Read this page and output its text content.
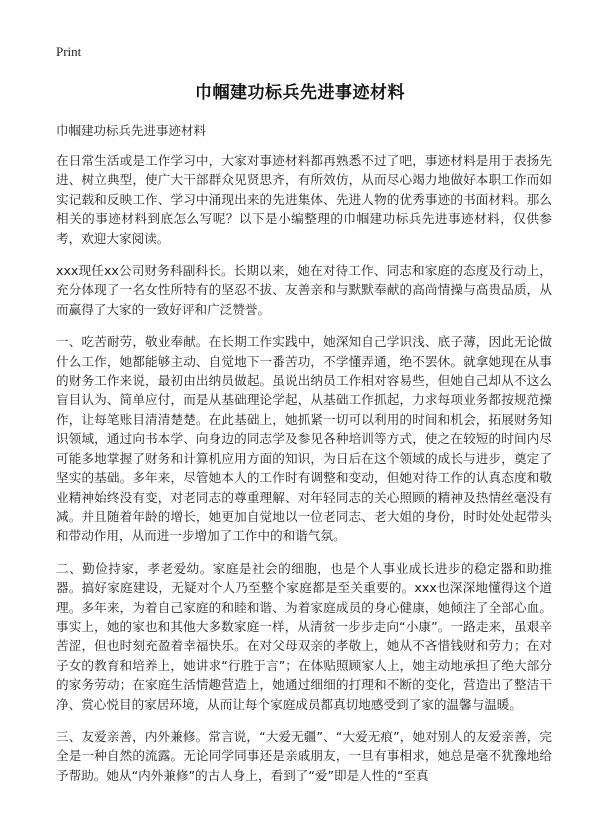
Print
巾帼建功标兵先进事迹材料

巾帼建功标兵先进事迹材料

在日常生活或是工作学习中，大家对事迹材料都再熟悉不过了吧，事迹材料是用于表扬先进、树立典型，使广大干部群众见贤思齐，有所效仿，从而尽心竭力地做好本职工作而如实记载和反映工作、学习中涌现出来的先进集体、先进人物的优秀事迹的书面材料。那么相关的事迹材料到底怎么写呢？以下是小编整理的巾帼建功标兵先进事迹材料，仅供参考，欢迎大家阅读。

xxx现任xx公司财务科副科长。长期以来，她在对待工作、同志和家庭的态度及行动上，充分体现了一名女性所特有的坚忍不拔、友善亲和与默默奉献的高尚情操与高贵品质，从而赢得了大家的一致好评和广泛赞誉。

一、吃苦耐劳，敬业奉献。在长期工作实践中，她深知自己学识浅、底子薄，因此无论做什么工作，她都能够主动、自觉地下一番苦功，不学懂弄通，绝不罢休。就拿她现在从事的财务工作来说，最初由出纳员做起。虽说出纳员工作相对容易些，但她自己却从不这么盲目认为、简单应付，而是从基础理论学起，从基础工作抓起，力求每项业务都按规范操作，让每笔账目清清楚楚。在此基础上，她抓紧一切可以利用的时间和机会，拓展财务知识领域，通过向书本学、向身边的同志学及参见各种培训等方式，使之在较短的时间内尽可能多地掌握了财务和计算机应用方面的知识，为日后在这个领域的成长与进步，奠定了坚实的基础。多年来，尽管她本人的工作时有调整和变动，但她对待工作的认真态度和敬业精神始终没有变，对老同志的尊重理解、对年轻同志的关心照顾的精神及热情丝毫没有减。并且随着年龄的增长，她更加自觉地以一位老同志、老大姐的身份，时时处处起带头和带动作用，从而进一步增加了工作中的和谐气氛。

二、勤俭持家，孝老爱幼。家庭是社会的细胞，也是个人事业成长进步的稳定器和助推器。搞好家庭建设，无疑对个人乃至整个家庭都是至关重要的。xxx也深深地懂得这个道理。多年来，为着自己家庭的和睦和谐、为着家庭成员的身心健康，她倾注了全部心血。事实上，她的家也和其他大多数家庭一样，从清贫一步步走向“小康”。一路走来，虽艰辛苦涩，但也时刻充盈着幸福快乐。在对父母双亲的孝敬上，她从不吝惜钱财和劳力；在对子女的教育和培养上，她讲求“行胜于言”；在体贴照顾家人上，她主动地承担了绝大部分的家务劳动；在家庭生活情趣营造上，她通过细细的打理和不断的变化，营造出了整洁干净、赏心悦目的家居环境，从而让每个家庭成员都真切地感受到了家的温馨与温暖。

三、友爱亲善，内外兼修。常言说，“大爱无疆”、“大爱无痕”，她对别人的友爱亲善，完全是一种自然的流露。无论同学同事还是亲戚朋友，一旦有事相求，她总是毫不犹豫地给予帮助。她从“内外兼修”的古人身上，看到了“爱”即是人性的“至真
